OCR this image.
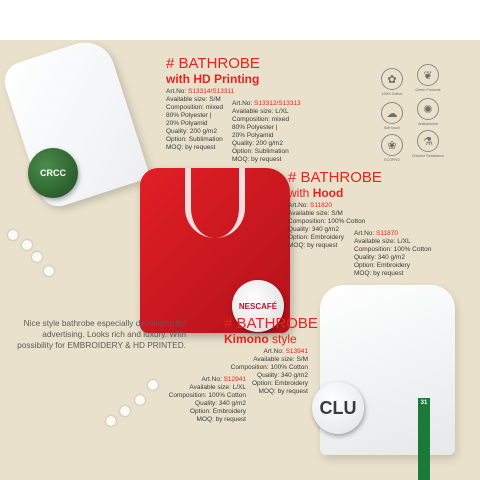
CRCC
NESCAFÉ
CLU
# BATHROBE
with HD Printing
Art.No: S13314/S13311
Available size: S/M
Composition: mixed
80% Polyester |
20% Polyamid
Quality: 200 g/m2
Option: Sublimation
MOQ: by request
Art.No: S13312/S13313
Available size: L/XL
Composition: mixed
80% Polyester |
20% Polyamid
Quality: 200 g/m2
Option: Sublimation
MOQ: by request
# BATHROBE
with Hood
Art.No: S11820
Available size: S/M
Composition: 100% Cotton
Quality: 340 g/m2
Option: Embroidery
MOQ: by request
Art.No: S11870
Available size: L/XL
Composition: 100% Cotton
Quality: 340 g/m2
Option: Embroidery
MOQ: by request
Nice style bathrobe especially developed for advertising. Looks rich and luxury. With possibility for EMBROIDERY & HD PRINTED.
# BATHROBE
Kimono style
Art.No: S13941
Available size: S/M
Composition: 100% Cotton
Quality: 340 g/m2
Option: Embroidery
MOQ: by request
Art.No: S12941
Available size: L/XL
Composition: 100% Cotton
Quality: 340 g/m2
Option: Embroidery
MOQ: by request
✿
100% Cotton
❦
Green Products
☁
Soft touch
✺
Antibacterial
❀
ECOPRO
⚗
Chlorine Resistance
31
